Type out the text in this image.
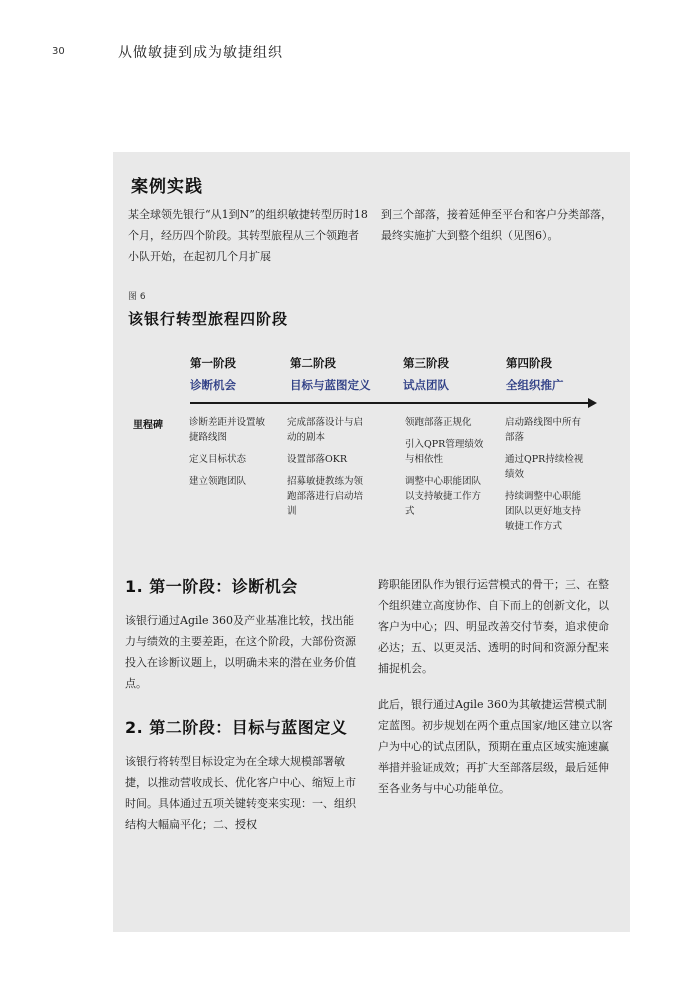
30	从做敏捷到成为敏捷组织
案例实践
某全球领先银行“从1到N”的组织敏捷转型历时18个月，经历四个阶段。其转型旅程从三个领跑者小队开始，在起初几个月扩展
到三个部落，接着延伸至平台和客户分类部落，最终实施扩大到整个组织（见图6）。
图 6
该银行转型旅程四阶段
第一阶段
诊断机会
第二阶段
目标与蓝图定义
第三阶段
试点团队
第四阶段
全组织推广
里程碑	诊断差距并设置敏捷路线图
定义目标状态
建立领跑团队
完成部落设计与启动的剧本
设置部落OKR
招募敏捷教练为领跑部落进行启动培训
领跑部落正规化
引入QPR管理绩效与相依性
调整中心职能团队以支持敏捷工作方式
启动路线图中所有部落
通过QPR持续检视绩效
持续调整中心职能团队以更好地支持敏捷工作方式
1. 第一阶段：诊断机会
该银行通过Agile 360及产业基准比较，找出能力与绩效的主要差距，在这个阶段，大部份资源投入在诊断议题上，以明确未来的潜在业务价值点。
2. 第二阶段：目标与蓝图定义
该银行将转型目标设定为在全球大规模部署敏捷，以推动营收成长、优化客户中心、缩短上市时间。具体通过五项关键转变来实现：一、组织结构大幅扁平化；二、授权
跨职能团队作为银行运营模式的骨干；三、在整个组织建立高度协作、自下而上的创新文化，以客户为中心；四、明显改善交付节奏，追求使命必达；五、以更灵活、透明的时间和资源分配来捕捉机会。
此后，银行通过Agile 360为其敏捷运营模式制定蓝图。初步规划在两个重点国家/地区建立以客户为中心的试点团队，预期在重点区域实施速赢举措并验证成效；再扩大至部落层级，最后延伸至各业务与中心功能单位。
